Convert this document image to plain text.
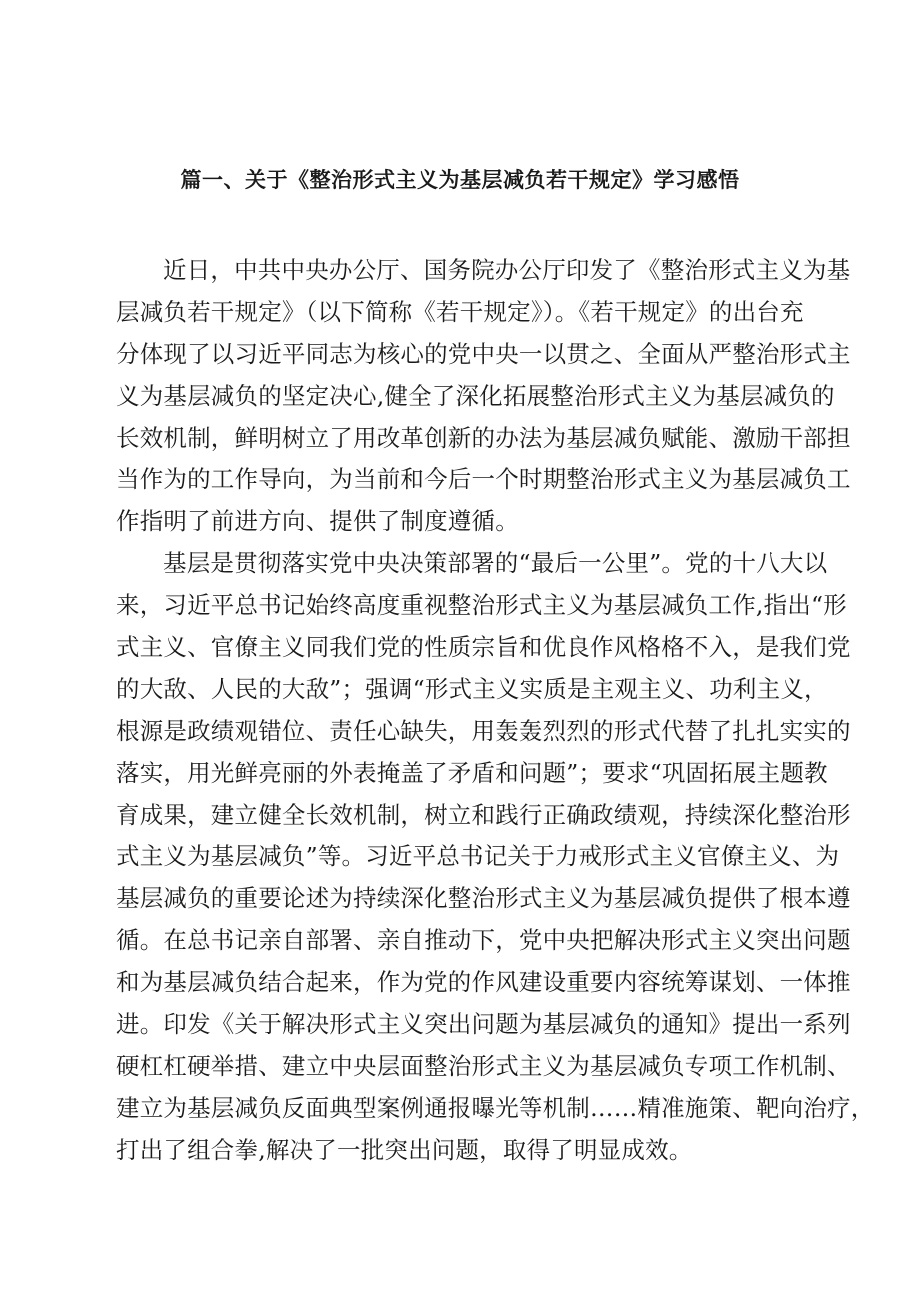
篇一、关于《整治形式主义为基层减负若干规定》学习感悟
近日，中共中央办公厅、国务院办公厅印发了《整治形式主义为基
层减负若干规定》（以下简称《若干规定》）。《若干规定》的出台充
分体现了以习近平同志为核心的党中央一以贯之、全面从严整治形式主
义为基层减负的坚定决心,健全了深化拓展整治形式主义为基层减负的
长效机制，鲜明树立了用改革创新的办法为基层减负赋能、激励干部担
当作为的工作导向，为当前和今后一个时期整治形式主义为基层减负工
作指明了前进方向、提供了制度遵循。
基层是贯彻落实党中央决策部署的“最后一公里”。党的十八大以
来，习近平总书记始终高度重视整治形式主义为基层减负工作,指出“形
式主义、官僚主义同我们党的性质宗旨和优良作风格格不入，是我们党
的大敌、人民的大敌”；强调“形式主义实质是主观主义、功利主义，
根源是政绩观错位、责任心缺失，用轰轰烈烈的形式代替了扎扎实实的
落实，用光鲜亮丽的外表掩盖了矛盾和问题”；要求“巩固拓展主题教
育成果，建立健全长效机制，树立和践行正确政绩观，持续深化整治形
式主义为基层减负”等。习近平总书记关于力戒形式主义官僚主义、为
基层减负的重要论述为持续深化整治形式主义为基层减负提供了根本遵
循。在总书记亲自部署、亲自推动下，党中央把解决形式主义突出问题
和为基层减负结合起来，作为党的作风建设重要内容统筹谋划、一体推
进。印发《关于解决形式主义突出问题为基层减负的通知》提出一系列
硬杠杠硬举措、建立中央层面整治形式主义为基层减负专项工作机制、
建立为基层减负反面典型案例通报曝光等机制……精准施策、靶向治疗，
打出了组合拳,解决了一批突出问题，取得了明显成效。
